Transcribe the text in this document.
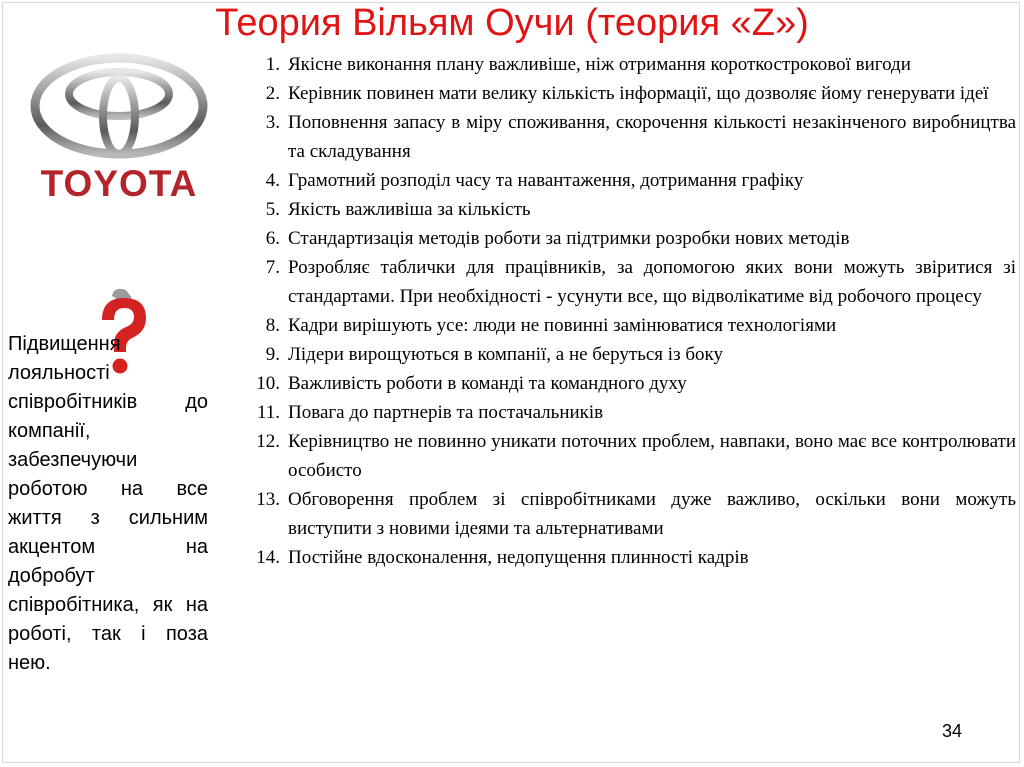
Теория Вільям Оучи (теория «Z»)
TOYOTA
Підвищення лояльності співробітників до компанії, забезпечуючи роботою на все життя з сильним акцентом на добробут співробітника, як на роботі, так і поза нею.
1. Якісне виконання плану важливіше, ніж отримання короткострокової вигоди
2. Керівник повинен мати велику кількість інформації, що дозволяє йому генерувати ідеї
3. Поповнення запасу в міру споживання, скорочення кількості незакінченого виробництва та складування
4. Грамотний розподіл часу та навантаження, дотримання графіку
5. Якість важливіша за кількість
6. Стандартизація методів роботи за підтримки розробки нових методів
7. Розробляє таблички для працівників, за допомогою яких вони можуть звіритися зі стандартами. При необхідності - усунути все, що відволікатиме від робочого процесу
8. Кадри вирішують усе: люди не повинні замінюватися технологіями
9. Лідери вирощуються в компанії, а не беруться із боку
10. Важливість роботи в команді та командного духу
11. Повага до партнерів та постачальників
12. Керівництво не повинно уникати поточних проблем, навпаки, воно має все контролювати особисто
13. Обговорення проблем зі співробітниками дуже важливо, оскільки вони можуть виступити з новими ідеями та альтернативами
14. Постійне вдосконалення, недопущення плинності кадрів
34
